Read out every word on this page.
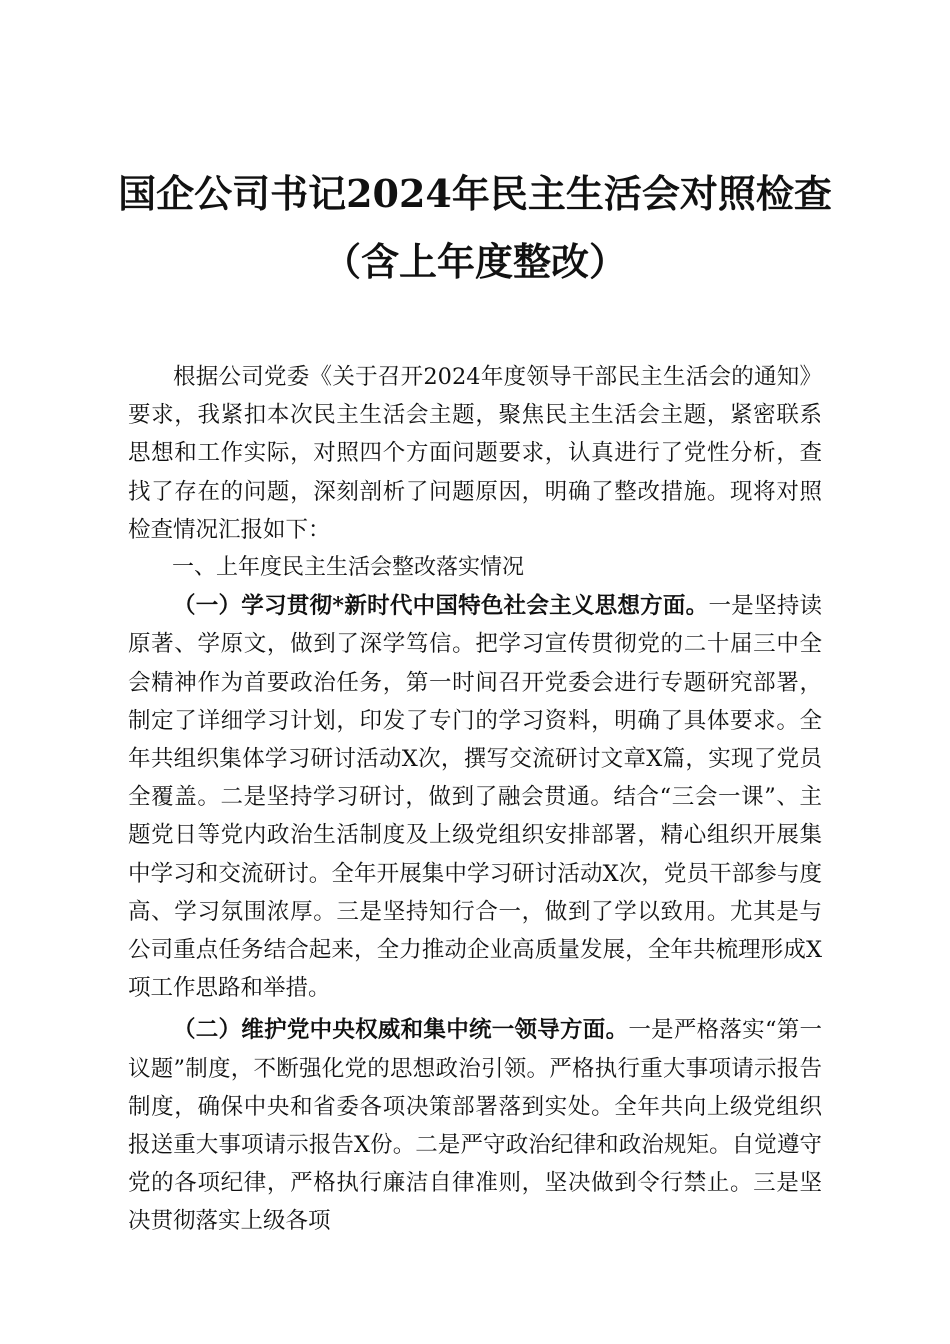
国企公司书记2024年民主生活会对照检查
（含上年度整改）

根据公司党委《关于召开2024年度领导干部民主生活会的通知》要求，我紧扣本次民主生活会主题，聚焦民主生活会主题，紧密联系思想和工作实际，对照四个方面问题要求，认真进行了党性分析，查找了存在的问题，深刻剖析了问题原因，明确了整改措施。现将对照检查情况汇报如下：

一、上年度民主生活会整改落实情况

（一）学习贯彻*新时代中国特色社会主义思想方面。一是坚持读原著、学原文，做到了深学笃信。把学习宣传贯彻党的二十届三中全会精神作为首要政治任务，第一时间召开党委会进行专题研究部署，制定了详细学习计划，印发了专门的学习资料，明确了具体要求。全年共组织集体学习研讨活动X次，撰写交流研讨文章X篇，实现了党员全覆盖。二是坚持学习研讨，做到了融会贯通。结合“三会一课”、主题党日等党内政治生活制度及上级党组织安排部署，精心组织开展集中学习和交流研讨。全年开展集中学习研讨活动X次，党员干部参与度高、学习氛围浓厚。三是坚持知行合一，做到了学以致用。尤其是与公司重点任务结合起来，全力推动企业高质量发展，全年共梳理形成X项工作思路和举措。

（二）维护党中央权威和集中统一领导方面。一是严格落实“第一议题”制度，不断强化党的思想政治引领。严格执行重大事项请示报告制度，确保中央和省委各项决策部署落到实处。全年共向上级党组织报送重大事项请示报告X份。二是严守政治纪律和政治规矩。自觉遵守党的各项纪律，严格执行廉洁自律准则，坚决做到令行禁止。三是坚决贯彻落实上级各项
